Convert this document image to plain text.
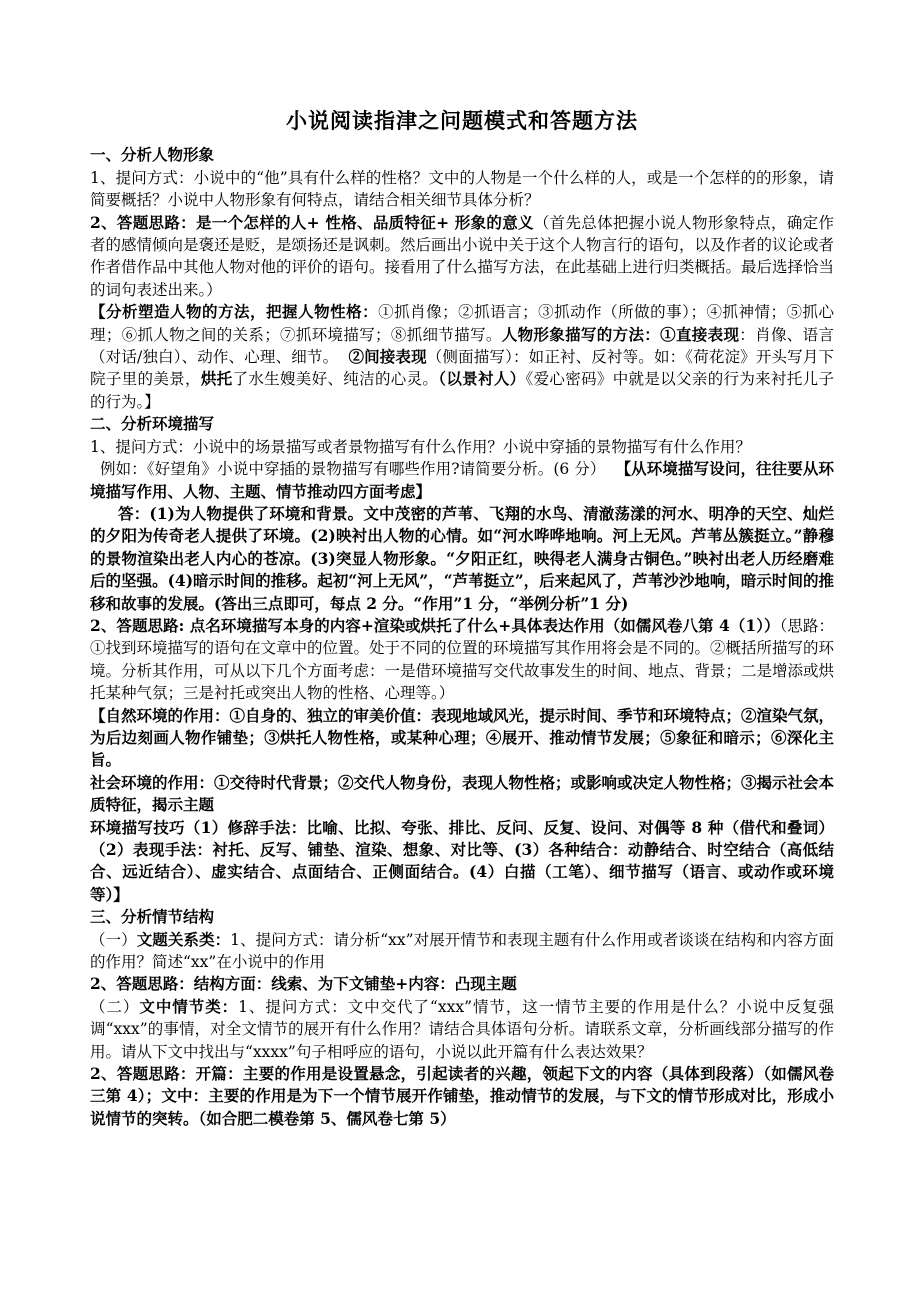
小说阅读指津之问题模式和答题方法

一、分析人物形象

1、提问方式：小说中的“他”具有什么样的性格？文中的人物是一个什么样的人，或是一个怎样的的形象，请简要概括？小说中人物形象有何特点，请结合相关细节具体分析？

2、答题思路：是一个怎样的人+ 性格、品质特征+ 形象的意义（首先总体把握小说人物形象特点，确定作者的感情倾向是褒还是贬，是颂扬还是讽刺。然后画出小说中关于这个人物言行的语句，以及作者的议论或者作者借作品中其他人物对他的评价的语句。接看用了什么描写方法，在此基础上进行归类概括。最后选择恰当的词句表述出来。）

【分析塑造人物的方法，把握人物性格：①抓肖像；②抓语言；③抓动作（所做的事）；④抓神情；⑤抓心理；⑥抓人物之间的关系；⑦抓环境描写；⑧抓细节描写。人物形象描写的方法：①直接表现：肖像、语言（对话/独白）、动作、心理、细节。 ②间接表现（侧面描写）：如正衬、反衬等。如：《荷花淀》开头写月下院子里的美景，烘托了水生嫂美好、纯洁的心灵。（以景衬人）《爱心密码》中就是以父亲的行为来衬托儿子的行为。】

二、分析环境描写

1、提问方式：小说中的场景描写或者景物描写有什么作用？小说中穿插的景物描写有什么作用？

例如：《好望角》小说中穿插的景物描写有哪些作用?请简要分析。(6 分） 【从环境描写设问，往往要从环境描写作用、人物、主题、情节推动四方面考虑】

答：(1)为人物提供了环境和背景。文中茂密的芦苇、飞翔的水鸟、清澈荡漾的河水、明净的天空、灿烂的夕阳为传奇老人提供了环境。(2)映衬出人物的心情。如“河水哗哗地响。河上无风。芦苇丛簇挺立。”静穆的景物渲染出老人内心的苍凉。(3)突显人物形象。“夕阳正红，映得老人满身古铜色。”映衬出老人历经磨难后的坚强。(4)暗示时间的推移。起初“河上无风”，“芦苇挺立”，后来起风了，芦苇沙沙地响，暗示时间的推移和故事的发展。(答出三点即可，每点 2 分。“作用”1 分，“举例分析”1 分)

2、答题思路: 点名环境描写本身的内容+渲染或烘托了什么+具体表达作用（如儒风卷八第 4（1））（思路：①找到环境描写的语句在文章中的位置。处于不同的位置的环境描写其作用将会是不同的。②概括所描写的环境。分析其作用，可从以下几个方面考虑：一是借环境描写交代故事发生的时间、地点、背景；二是增添或烘托某种气氛；三是衬托或突出人物的性格、心理等。）

【自然环境的作用：①自身的、独立的审美价值：表现地域风光，提示时间、季节和环境特点；②渲染气氛，为后边刻画人物作铺垫；③烘托人物性格，或某种心理；④展开、推动情节发展；⑤象征和暗示；⑥深化主旨。

社会环境的作用：①交待时代背景；②交代人物身份，表现人物性格；或影响或决定人物性格；③揭示社会本质特征，揭示主题

环境描写技巧（1）修辞手法：比喻、比拟、夸张、排比、反问、反复、设问、对偶等 8 种（借代和叠词）（2）表现手法：衬托、反写、铺垫、渲染、想象、对比等、(3）各种结合：动静结合、时空结合（高低结合、远近结合）、虚实结合、点面结合、正侧面结合。(4）白描（工笔）、细节描写（语言、或动作或环境等）】

三、分析情节结构

（一）文题关系类：1、提问方式：请分析“xx”对展开情节和表现主题有什么作用或者谈谈在结构和内容方面的作用？简述“xx”在小说中的作用

2、答题思路：结构方面：线索、为下文铺垫+内容：凸现主题

（二）文中情节类：1、提问方式：文中交代了“xxx”情节，这一情节主要的作用是什么？小说中反复强调“xxx”的事情，对全文情节的展开有什么作用？请结合具体语句分析。请联系文章，分析画线部分描写的作用。请从下文中找出与“xxxx”句子相呼应的语句，小说以此开篇有什么表达效果？

2、答题思路：开篇：主要的作用是设置悬念，引起读者的兴趣，领起下文的内容（具体到段落）（如儒风卷三第 4）；文中：主要的作用是为下一个情节展开作铺垫，推动情节的发展，与下文的情节形成对比，形成小说情节的突转。（如合肥二模卷第 5、儒风卷七第 5）
